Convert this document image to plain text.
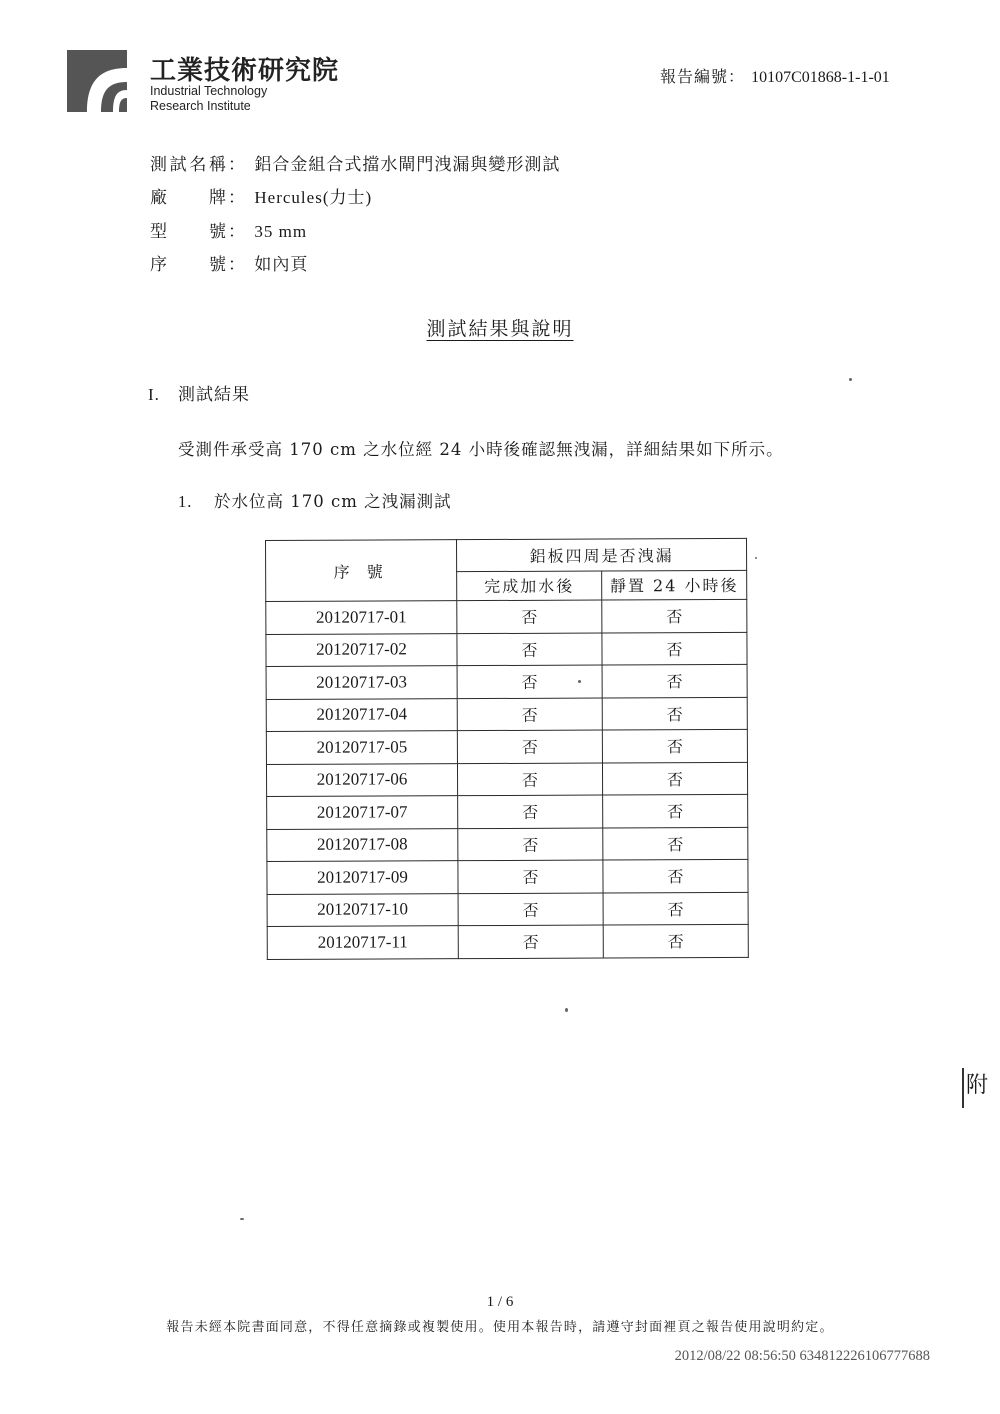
工業技術研究院
Industrial Technology
Research Institute
報告編號： 10107C01868-1-1-01
測試名稱： 鋁合金組合式擋水閘門洩漏與變形測試
廠牌： Hercules(力士)
型號： 35 mm
序號： 如內頁
測試結果與說明
I. 測試結果
受測件承受高 170 cm 之水位經 24 小時後確認無洩漏，詳細結果如下所示。
1. 於水位高 170 cm 之洩漏測試
序 號	鋁板四周是否洩漏	
	完成加水後	靜置 24 小時後
20120717-01	否	否
20120717-02	否	否
20120717-03	否	否
20120717-04	否	否
20120717-05	否	否
20120717-06	否	否
20120717-07	否	否
20120717-08	否	否
20120717-09	否	否
20120717-10	否	否
20120717-11	否	否
附
1 / 6
報告未經本院書面同意，不得任意摘錄或複製使用。使用本報告時，請遵守封面裡頁之報告使用說明約定。
2012/08/22 08:56:50 634812226106777688
